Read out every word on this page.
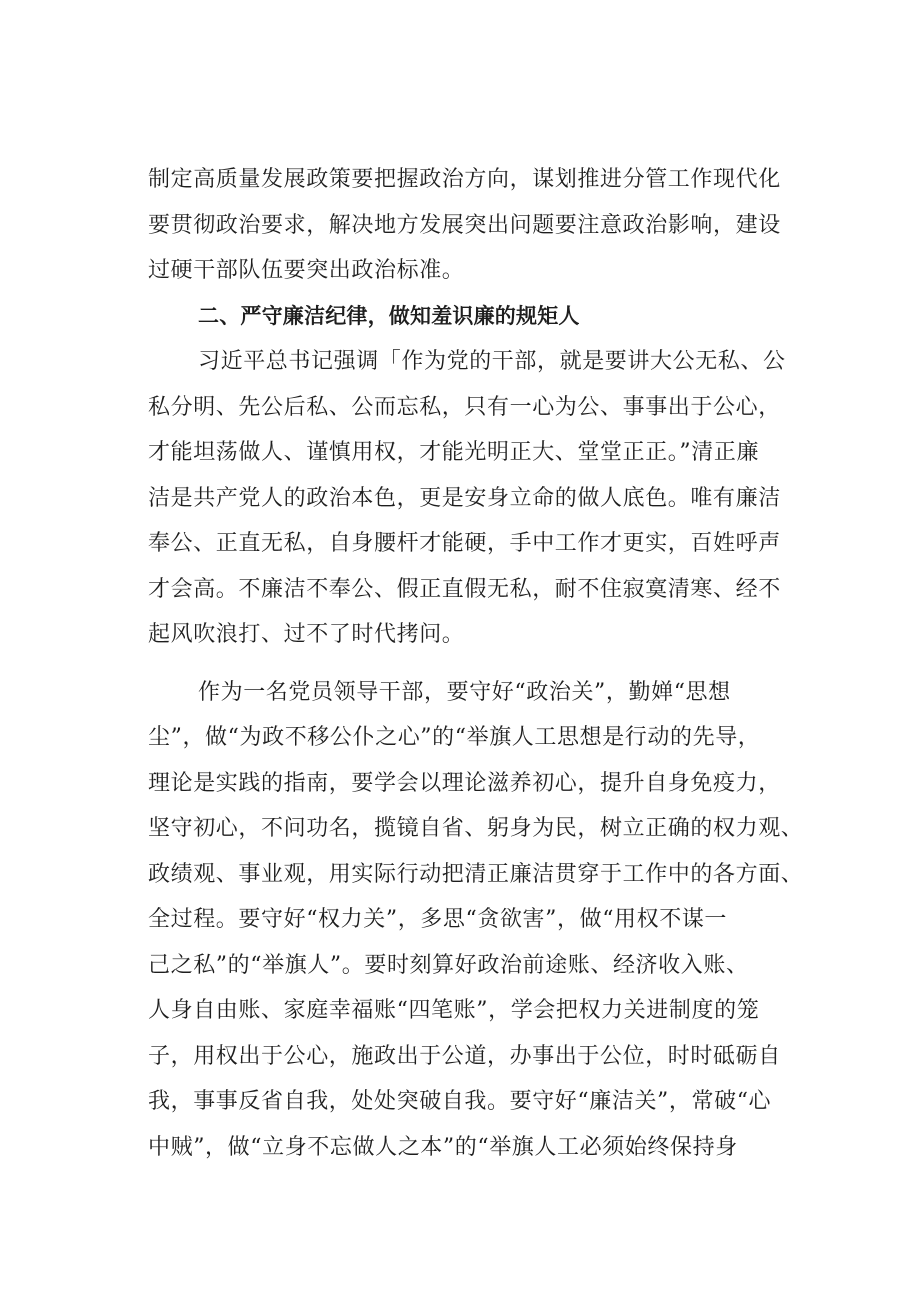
制定高质量发展政策要把握政治方向，谋划推进分管工作现代化
要贯彻政治要求，解决地方发展突出问题要注意政治影响，建设
过硬干部队伍要突出政治标准。
二、严守廉洁纪律，做知羞识廉的规矩人
习近平总书记强调「作为党的干部，就是要讲大公无私、公
私分明、先公后私、公而忘私，只有一心为公、事事出于公心，
才能坦荡做人、谨慎用权，才能光明正大、堂堂正正。”清正廉
洁是共产党人的政治本色，更是安身立命的做人底色。唯有廉洁
奉公、正直无私，自身腰杆才能硬，手中工作才更实，百姓呼声
才会高。不廉洁不奉公、假正直假无私，耐不住寂寞清寒、经不
起风吹浪打、过不了时代拷问。
作为一名党员领导干部，要守好“政治关”，勤婵“思想
尘”，做“为政不移公仆之心”的“举旗人工思想是行动的先导，
理论是实践的指南，要学会以理论滋养初心，提升自身免疫力，
坚守初心，不问功名，揽镜自省、躬身为民，树立正确的权力观、
政绩观、事业观，用实际行动把清正廉洁贯穿于工作中的各方面、
全过程。要守好“权力关”，多思“贪欲害”，做“用权不谋一
己之私”的“举旗人”。要时刻算好政治前途账、经济收入账、
人身自由账、家庭幸福账“四笔账”，学会把权力关进制度的笼
子，用权出于公心，施政出于公道，办事出于公位，时时砥砺自
我，事事反省自我，处处突破自我。要守好“廉洁关”，常破“心
中贼”，做“立身不忘做人之本”的“举旗人工必须始终保持身
